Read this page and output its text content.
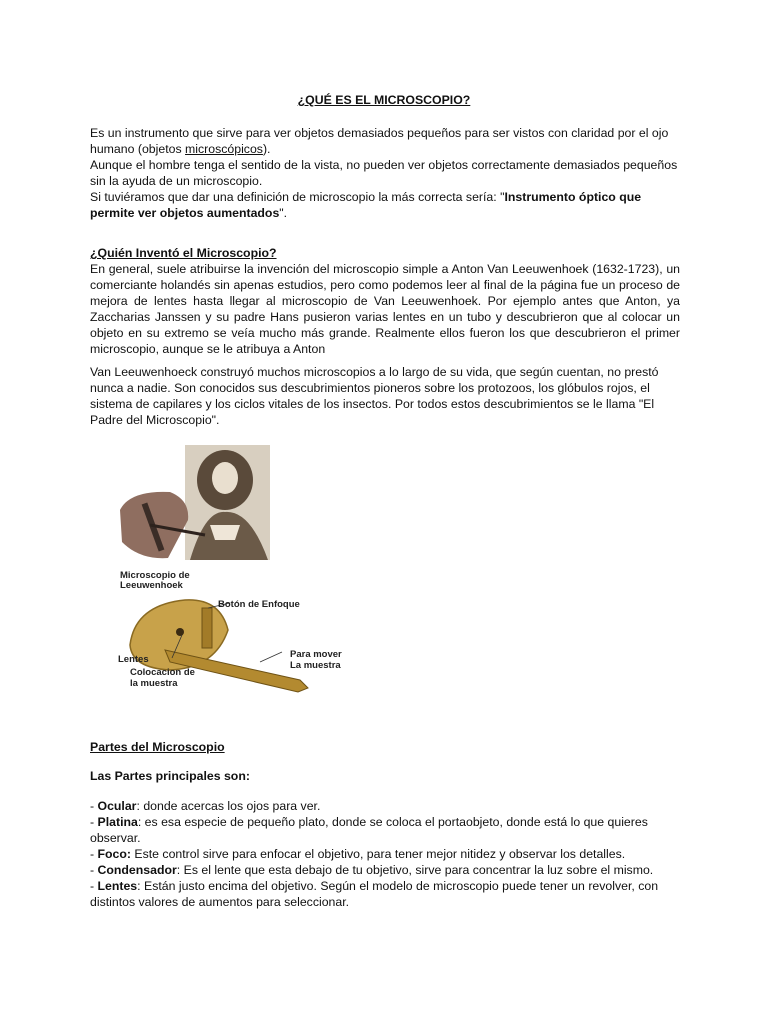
¿QUÉ ES EL MICROSCOPIO?
Es un instrumento que sirve para ver objetos demasiados pequeños para ser vistos con claridad por el ojo humano (objetos microscópicos).
Aunque el hombre tenga el sentido de la vista, no pueden ver objetos correctamente demasiados pequeños sin la ayuda de un microscopio.
Si tuviéramos que dar una definición de microscopio la más correcta sería: "Instrumento óptico que permite ver objetos aumentados".
¿Quién Inventó el Microscopio?
En general, suele atribuirse la invención del microscopio simple a Anton Van Leeuwenhoek (1632-1723), un comerciante holandés sin apenas estudios, pero como podemos leer al final de la página fue un proceso de mejora de lentes hasta llegar al microscopio de Van Leeuwenhoek. Por ejemplo antes que Anton, ya Zaccharias Janssen y su padre Hans pusieron varias lentes en un tubo y descubrieron que al colocar un objeto en su extremo se veía mucho más grande. Realmente ellos fueron los que descubrieron el primer microscopio, aunque se le atribuya a Anton
Van Leeuwenhoeck construyó muchos microscopios a lo largo de su vida, que según cuentan, no prestó nunca a nadie. Son conocidos sus descubrimientos pioneros sobre los protozoos, los glóbulos rojos, el sistema de capilares y los ciclos vitales de los insectos. Por todos estos descubrimientos se le llama "El Padre del Microscopio".
Microscopio de
Leeuwenhoek
Botón de Enfoque
Para mover
La muestra
Lentes
Colocacion de
la muestra
Partes del Microscopio
Las Partes principales son:
- Ocular: donde acercas los ojos para ver.
- Platina: es esa especie de pequeño plato, donde se coloca el portaobjeto, donde está lo que quieres observar.
- Foco: Este control sirve para enfocar el objetivo, para tener mejor nitidez y observar los detalles.
- Condensador: Es el lente que esta debajo de tu objetivo, sirve para concentrar la luz sobre el mismo.
- Lentes: Están justo encima del objetivo. Según el modelo de microscopio puede tener un revolver, con distintos valores de aumentos para seleccionar.
